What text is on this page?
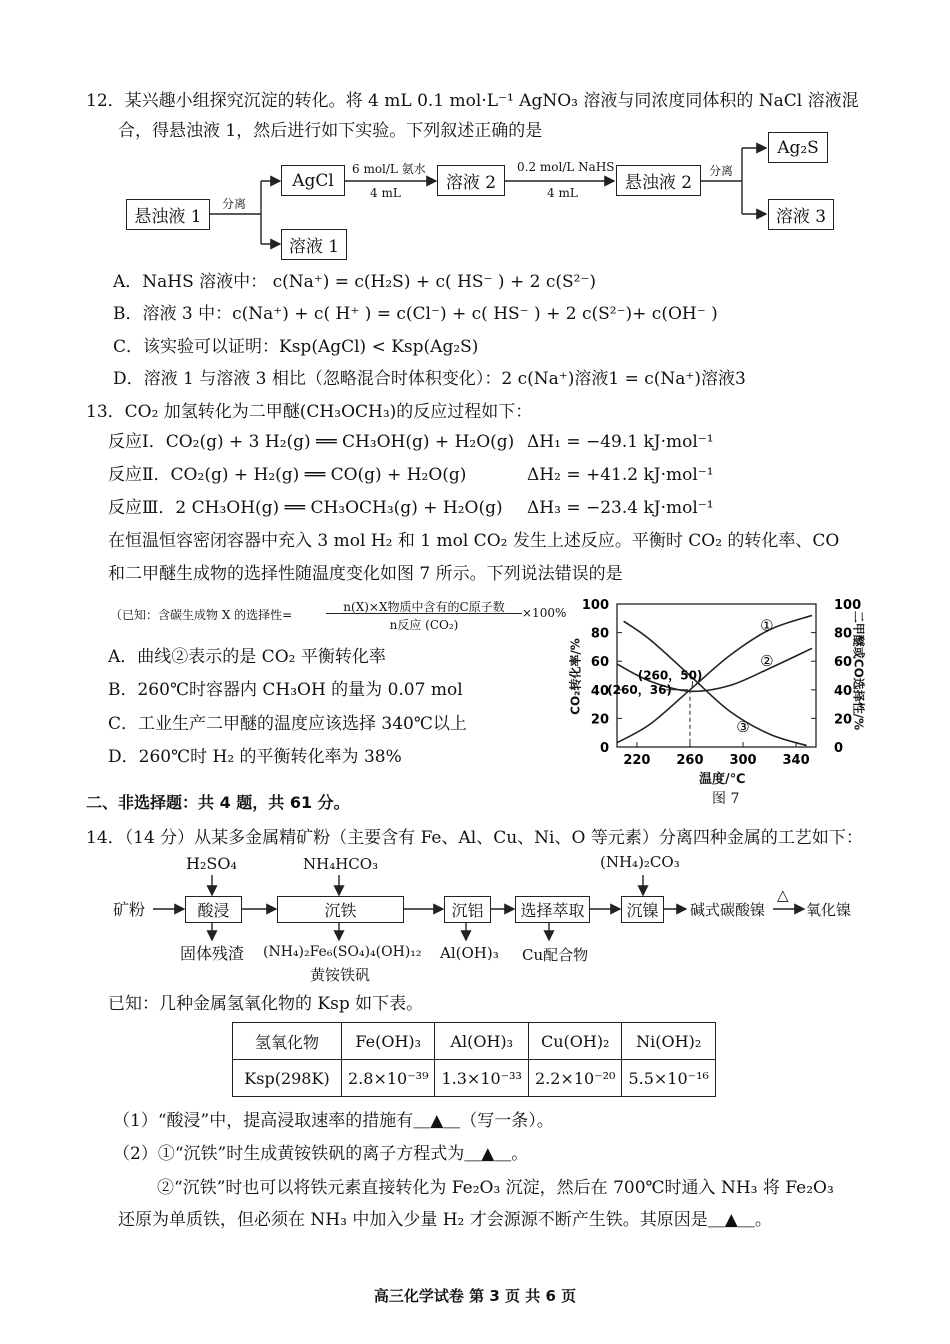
12．某兴趣小组探究沉淀的转化。将 4 mL 0.1 mol·L⁻¹ AgNO₃ 溶液与同浓度同体积的 NaCl 溶液混
合，得悬浊液 1，然后进行如下实验。下列叙述正确的是
悬浊液 1
分离
AgCl
溶液 1
6 mol/L 氨水
4 mL	溶液 2
0.2 mol/L NaHS
4 mL	悬浊液 2
分离
Ag₂S
溶液 3
A．NaHS 溶液中： c(Na⁺) = c(H₂S) + c( HS⁻ ) + 2 c(S²⁻)
B．溶液 3 中：c(Na⁺) + c( H⁺ ) = c(Cl⁻) + c( HS⁻ ) + 2 c(S²⁻)+ c(OH⁻ )
C．该实验可以证明：Ksp(AgCl) < Ksp(Ag₂S)
D．溶液 1 与溶液 3 相比（忽略混合时体积变化）：2 c(Na⁺)溶液1 = c(Na⁺)溶液3
13．CO₂ 加氢转化为二甲醚(CH₃OCH₃)的反应过程如下：
反应Ⅰ．CO₂(g) + 3 H₂(g) ══ CH₃OH(g) + H₂O(g) ΔH₁ = −49.1 kJ·mol⁻¹
反应Ⅱ．CO₂(g) + H₂(g) ══ CO(g) + H₂O(g)	ΔH₂ = +41.2 kJ·mol⁻¹
反应Ⅲ．2 CH₃OH(g) ══ CH₃OCH₃(g) + H₂O(g) ΔH₃ = −23.4 kJ·mol⁻¹
在恒温恒容密闭容器中充入 3 mol H₂ 和 1 mol CO₂ 发生上述反应。平衡时 CO₂ 的转化率、CO
和二甲醚生成物的选择性随温度变化如图 7 所示。下列说法错误的是
（已知：含碳生成物 X 的选择性=
n(X)×X物质中含有的C原子数
n反应 (CO₂)
×100%
A．曲线②表示的是 CO₂ 平衡转化率
B．260℃时容器内 CH₃OH 的量为 0.07 mol
C．工业生产二甲醚的温度应该选择 340℃以上
D．260℃时 H₂ 的平衡转化率为 38%	0	0
20	20
40	40
60	60
80	80
100	100
220 260 300 340
①
②
③
(260，50)
(260，36)
温度/℃
图 7
CO₂转化率/%	二甲醚或CO选择性/%
二、非选择题：共 4 题，共 61 分。
14．（14 分）从某多金属精矿粉（主要含有 Fe、Al、Cu、Ni、O 等元素）分离四种金属的工艺如下：
矿粉
H₂SO₄
酸浸
固体残渣
NH₄HCO₃
沉铁
(NH₄)₂Fe₆(SO₄)₄(OH)₁₂
黄铵铁矾
沉铝
Al(OH)₃
选择萃取
Cu配合物
(NH₄)₂CO₃
沉镍	碱式碳酸镍
△
氧化镍
已知：几种金属氢氧化物的 Ksp 如下表。
氢氧化物	Fe(OH)₃	Al(OH)₃	Cu(OH)₂	Ni(OH)₂
Ksp(298K)	2.8×10⁻³⁹	1.3×10⁻³³	2.2×10⁻²⁰	5.5×10⁻¹⁶
（1）“酸浸”中，提高浸取速率的措施有＿▲＿（写一条）。
（2）①“沉铁”时生成黄铵铁矾的离子方程式为＿▲＿。
②“沉铁”时也可以将铁元素直接转化为 Fe₂O₃ 沉淀，然后在 700℃时通入 NH₃ 将 Fe₂O₃
还原为单质铁，但必须在 NH₃ 中加入少量 H₂ 才会源源不断产生铁。其原因是＿▲＿。
高三化学试卷 第 3 页 共 6 页
